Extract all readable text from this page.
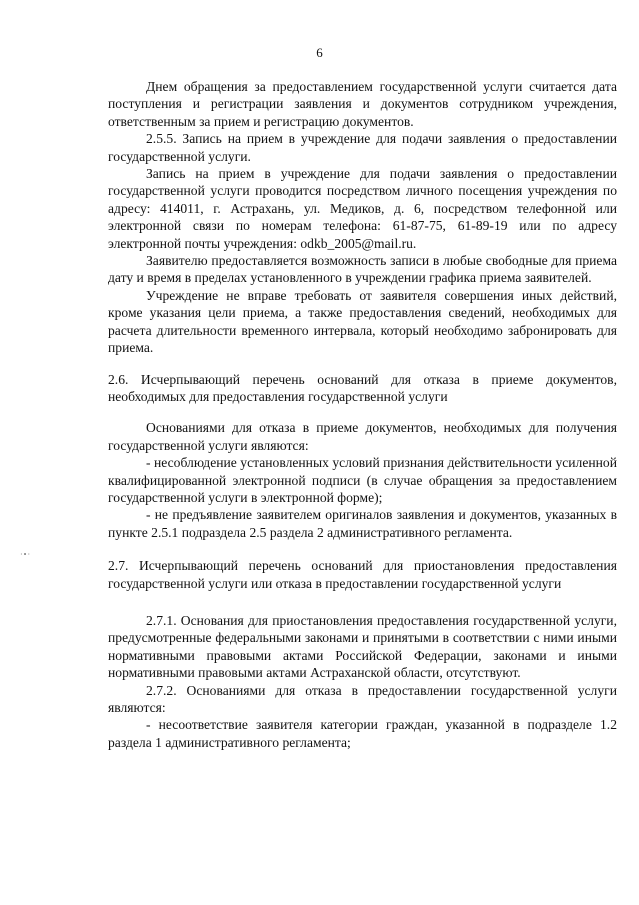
6
·•·

Днем обращения за предоставлением государственной услуги считается дата поступления и регистрации заявления и документов сотрудником учреждения, ответственным за прием и регистрацию документов.

2.5.5. Запись на прием в учреждение для подачи заявления о предоставлении государственной услуги.

Запись на прием в учреждение для подачи заявления о предоставлении государственной услуги проводится посредством личного посещения учреждения по адресу: 414011, г. Астрахань, ул. Медиков, д. 6, посредством телефонной или электронной связи по номерам телефона: 61-87-75, 61-89-19 или по адресу электронной почты учреждения: odkb_2005@mail.ru.

Заявителю предоставляется возможность записи в любые свободные для приема дату и время в пределах установленного в учреждении графика приема заявителей.

Учреждение не вправе требовать от заявителя совершения иных действий, кроме указания цели приема, а также предоставления сведений, необходимых для расчета длительности временного интервала, который необходимо забронировать для приема.

2.6. Исчерпывающий перечень оснований для отказа в приеме документов, необходимых для предоставления государственной услуги

Основаниями для отказа в приеме документов, необходимых для получения государственной услуги являются:

- несоблюдение установленных условий признания действительности усиленной квалифицированной электронной подписи (в случае обращения за предоставлением государственной услуги в электронной форме);

- не предъявление заявителем оригиналов заявления и документов, указанных в пункте 2.5.1 подраздела 2.5 раздела 2 административного регламента.

2.7. Исчерпывающий перечень оснований для приостановления предоставления государственной услуги или отказа в предоставлении государственной услуги

2.7.1. Основания для приостановления предоставления государственной услуги, предусмотренные федеральными законами и принятыми в соответствии с ними иными нормативными правовыми актами Российской Федерации, законами и иными нормативными правовыми актами Астраханской области, отсутствуют.

2.7.2. Основаниями для отказа в предоставлении государственной услуги являются:

- несоответствие заявителя категории граждан, указанной в подразделе 1.2 раздела 1 административного регламента;
